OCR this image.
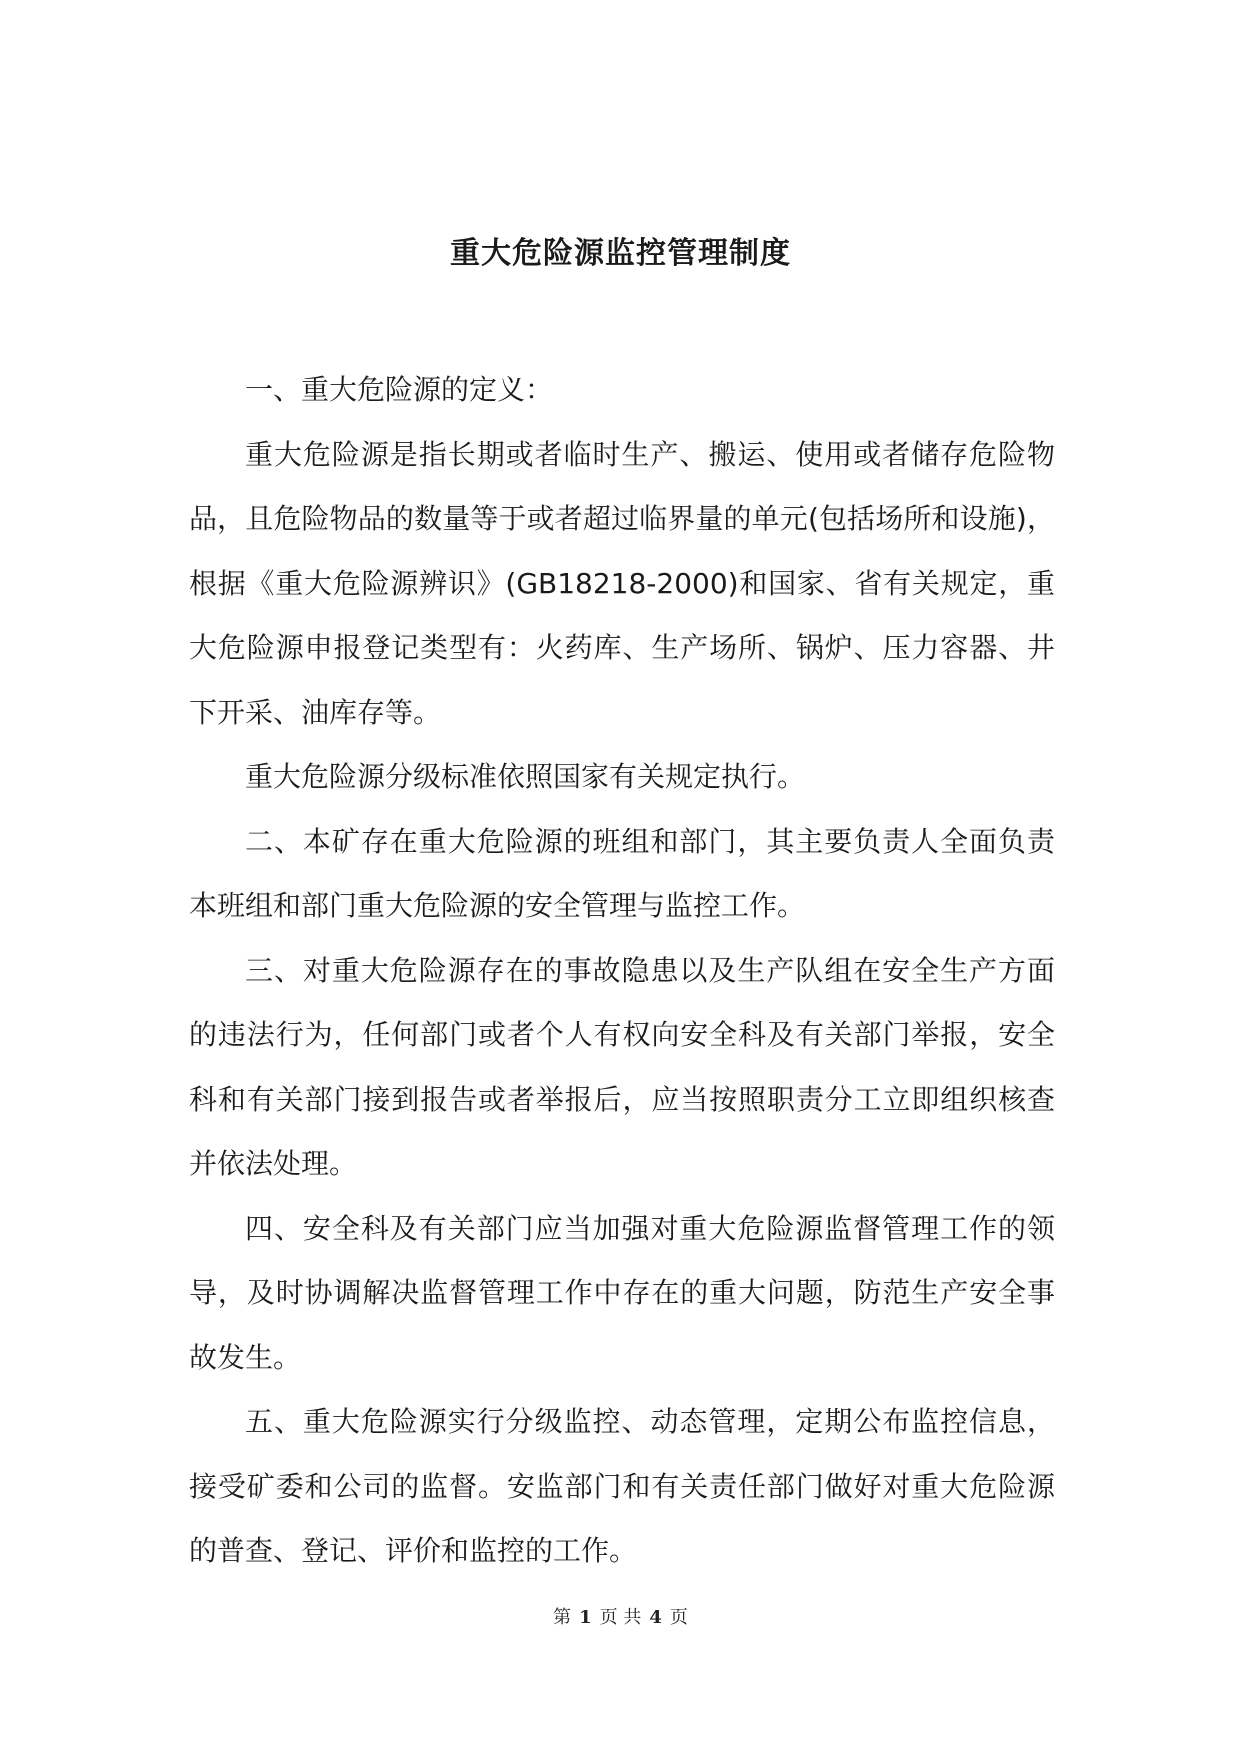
重大危险源监控管理制度

一、重大危险源的定义：

重大危险源是指长期或者临时生产、搬运、使用或者储存危险物品，且危险物品的数量等于或者超过临界量的单元(包括场所和设施)，根据《重大危险源辨识》(GB18218-2000)和国家、省有关规定，重大危险源申报登记类型有：火药库、生产场所、锅炉、压力容器、井下开采、油库存等。

重大危险源分级标准依照国家有关规定执行。

二、本矿存在重大危险源的班组和部门，其主要负责人全面负责本班组和部门重大危险源的安全管理与监控工作。

三、对重大危险源存在的事故隐患以及生产队组在安全生产方面的违法行为，任何部门或者个人有权向安全科及有关部门举报，安全科和有关部门接到报告或者举报后，应当按照职责分工立即组织核查并依法处理。

四、安全科及有关部门应当加强对重大危险源监督管理工作的领导，及时协调解决监督管理工作中存在的重大问题，防范生产安全事故发生。

五、重大危险源实行分级监控、动态管理，定期公布监控信息，接受矿委和公司的监督。安监部门和有关责任部门做好对重大危险源的普查、登记、评价和监控的工作。

第 1 页 共 4 页
